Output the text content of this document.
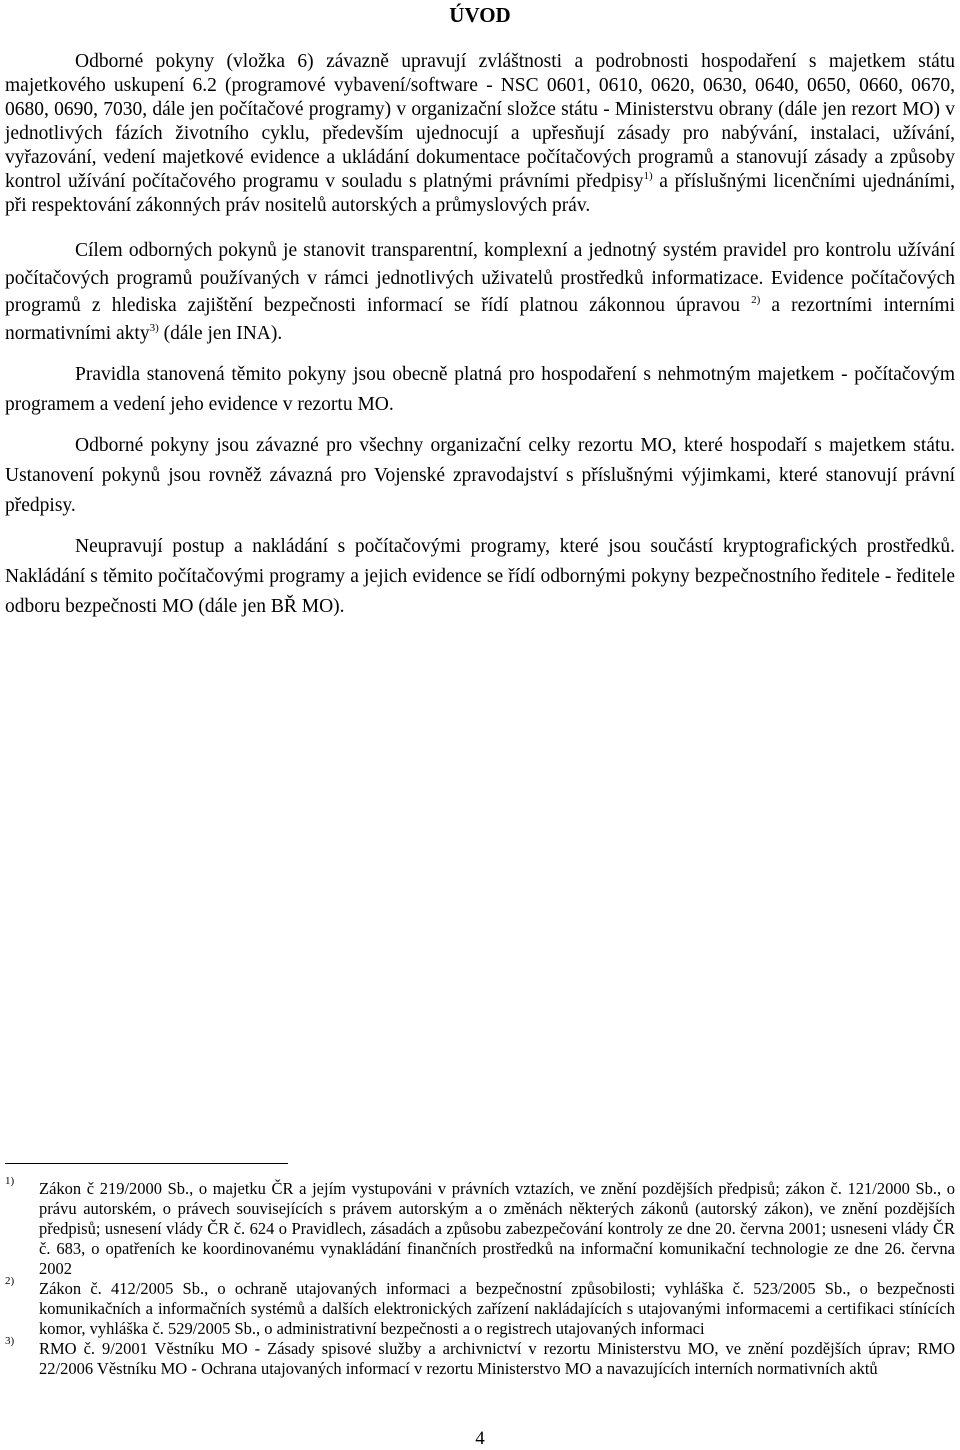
ÚVOD

Odborné pokyny (vložka 6) závazně upravují zvláštnosti a podrobnosti hospodaření s majetkem státu majetkového uskupení 6.2 (programové vybavení/software - NSC 0601, 0610, 0620, 0630, 0640, 0650, 0660, 0670, 0680, 0690, 7030, dále jen počítačové programy) v organizační složce státu - Ministerstvu obrany (dále jen rezort MO) v jednotlivých fázích životního cyklu, především ujednocují a upřesňují zásady pro nabývání, instalaci, užívání, vyřazování, vedení majetkové evidence a ukládání dokumentace počítačových programů a stanovují zásady a způsoby kontrol užívání počítačového programu v souladu s platnými právními předpisy$^{1)}$ a příslušnými licenčními ujednáními, při respektování zákonných práv nositelů autorských a průmyslových práv.

Cílem odborných pokynů je stanovit transparentní, komplexní a jednotný systém pravidel pro kontrolu užívání počítačových programů používaných v rámci jednotlivých uživatelů prostředků informatizace. Evidence počítačových programů z hlediska zajištění bezpečnosti informací se řídí platnou zákonnou úpravou $^{2)}$ a rezortními interními normativními akty$^{3)}$ (dále jen INA).

Pravidla stanovená těmito pokyny jsou obecně platná pro hospodaření s nehmotným majetkem - počítačovým programem a vedení jeho evidence v rezortu MO.

Odborné pokyny jsou závazné pro všechny organizační celky rezortu MO, které hospodaří s majetkem státu. Ustanovení pokynů jsou rovněž závazná pro Vojenské zpravodajství s příslušnými výjimkami, které stanovují právní předpisy.

Neupravují postup a nakládání s počítačovými programy, které jsou součástí kryptografických prostředků. Nakládání s těmito počítačovými programy a jejich evidence se řídí odbornými pokyny bezpečnostního ředitele - ředitele odboru bezpečnosti MO (dále jen BŘ MO).

1) Zákon č 219/2000 Sb., o majetku ČR a jejím vystupováni v právních vztazích, ve znění pozdějších předpisů; zákon č. 121/2000 Sb., o právu autorském, o právech souvisejících s právem autorským a o změnách některých zákonů (autorský zákon), ve znění pozdějších předpisů; usnesení vlády ČR č. 624 o Pravidlech, zásadách a způsobu zabezpečování kontroly ze dne 20. června 2001; usneseni vlády ČR č. 683, o opatřeních ke koordinovanému vynakládání finančních prostředků na informační komunikační technologie ze dne 26. června 2002
2) Zákon č. 412/2005 Sb., o ochraně utajovaných informaci a bezpečnostní způsobilosti; vyhláška č. 523/2005 Sb., o bezpečnosti komunikačních a informačních systémů a dalších elektronických zařízení nakládajících s utajovanými informacemi a certifikaci stínících komor, vyhláška č. 529/2005 Sb., o administrativní bezpečnosti a o registrech utajovaných informaci
3) RMO č. 9/2001 Věstníku MO - Zásady spisové služby a archivnictví v rezortu Ministerstvu MO, ve znění pozdějších úprav; RMO 22/2006 Věstníku MO - Ochrana utajovaných informací v rezortu Ministerstvo MO a navazujících interních normativních aktů
4
